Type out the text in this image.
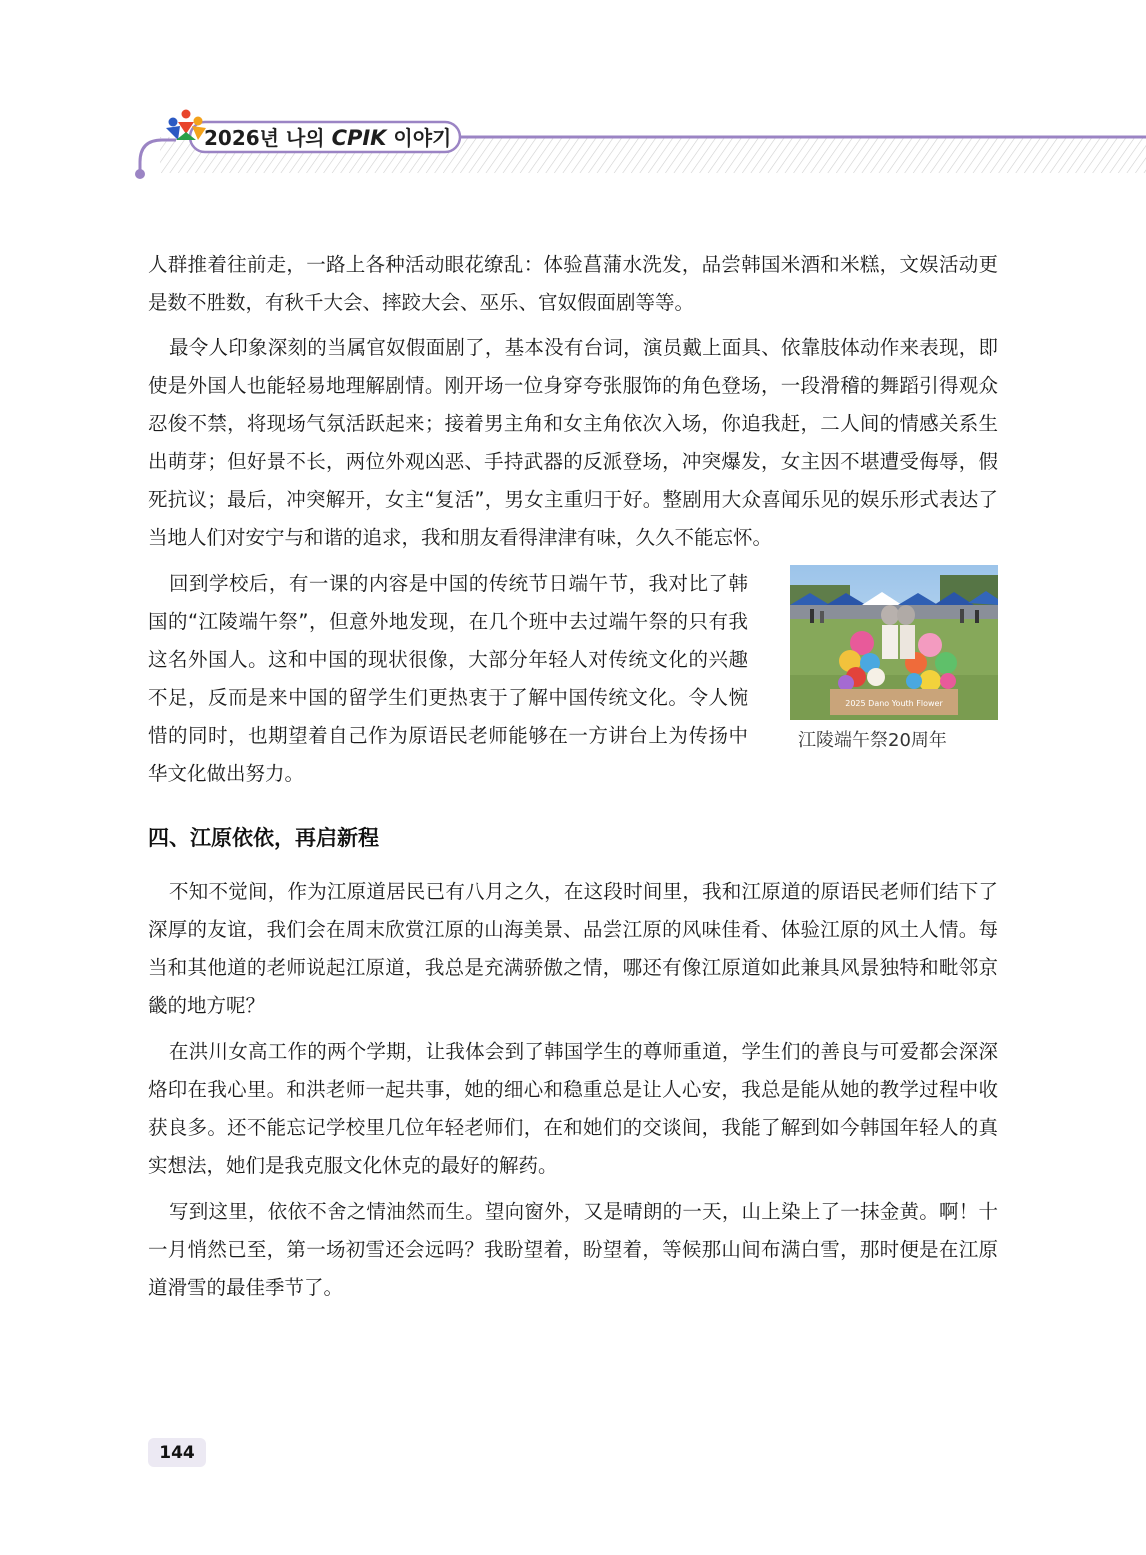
2026년 나의 CPIK 이야기

人群推着往前走，一路上各种活动眼花缭乱：体验菖蒲水洗发，品尝韩国米酒和米糕，文娱活动更是数不胜数，有秋千大会、摔跤大会、巫乐、官奴假面剧等等。

最令人印象深刻的当属官奴假面剧了，基本没有台词，演员戴上面具、依靠肢体动作来表现，即使是外国人也能轻易地理解剧情。刚开场一位身穿夸张服饰的角色登场，一段滑稽的舞蹈引得观众忍俊不禁，将现场气氛活跃起来；接着男主角和女主角依次入场，你追我赶，二人间的情感关系生出萌芽；但好景不长，两位外观凶恶、手持武器的反派登场，冲突爆发，女主因不堪遭受侮辱，假死抗议；最后，冲突解开，女主“复活”，男女主重归于好。整剧用大众喜闻乐见的娱乐形式表达了当地人们对安宁与和谐的追求，我和朋友看得津津有味，久久不能忘怀。

回到学校后，有一课的内容是中国的传统节日端午节，我对比了韩国的“江陵端午祭”，但意外地发现，在几个班中去过端午祭的只有我这名外国人。这和中国的现状很像，大部分年轻人对传统文化的兴趣不足，反而是来中国的留学生们更热衷于了解中国传统文化。令人惋惜的同时，也期望着自己作为原语民老师能够在一方讲台上为传扬中华文化做出努力。

2025 Dano Youth Flower
江陵端午祭20周年
四、江原依依，再启新程

不知不觉间，作为江原道居民已有八月之久，在这段时间里，我和江原道的原语民老师们结下了深厚的友谊，我们会在周末欣赏江原的山海美景、品尝江原的风味佳肴、体验江原的风土人情。每当和其他道的老师说起江原道，我总是充满骄傲之情，哪还有像江原道如此兼具风景独特和毗邻京畿的地方呢？

在洪川女高工作的两个学期，让我体会到了韩国学生的尊师重道，学生们的善良与可爱都会深深烙印在我心里。和洪老师一起共事，她的细心和稳重总是让人心安，我总是能从她的教学过程中收获良多。还不能忘记学校里几位年轻老师们，在和她们的交谈间，我能了解到如今韩国年轻人的真实想法，她们是我克服文化休克的最好的解药。

写到这里，依依不舍之情油然而生。望向窗外，又是晴朗的一天，山上染上了一抹金黄。啊！十一月悄然已至，第一场初雪还会远吗？我盼望着，盼望着，等候那山间布满白雪，那时便是在江原道滑雪的最佳季节了。

144
